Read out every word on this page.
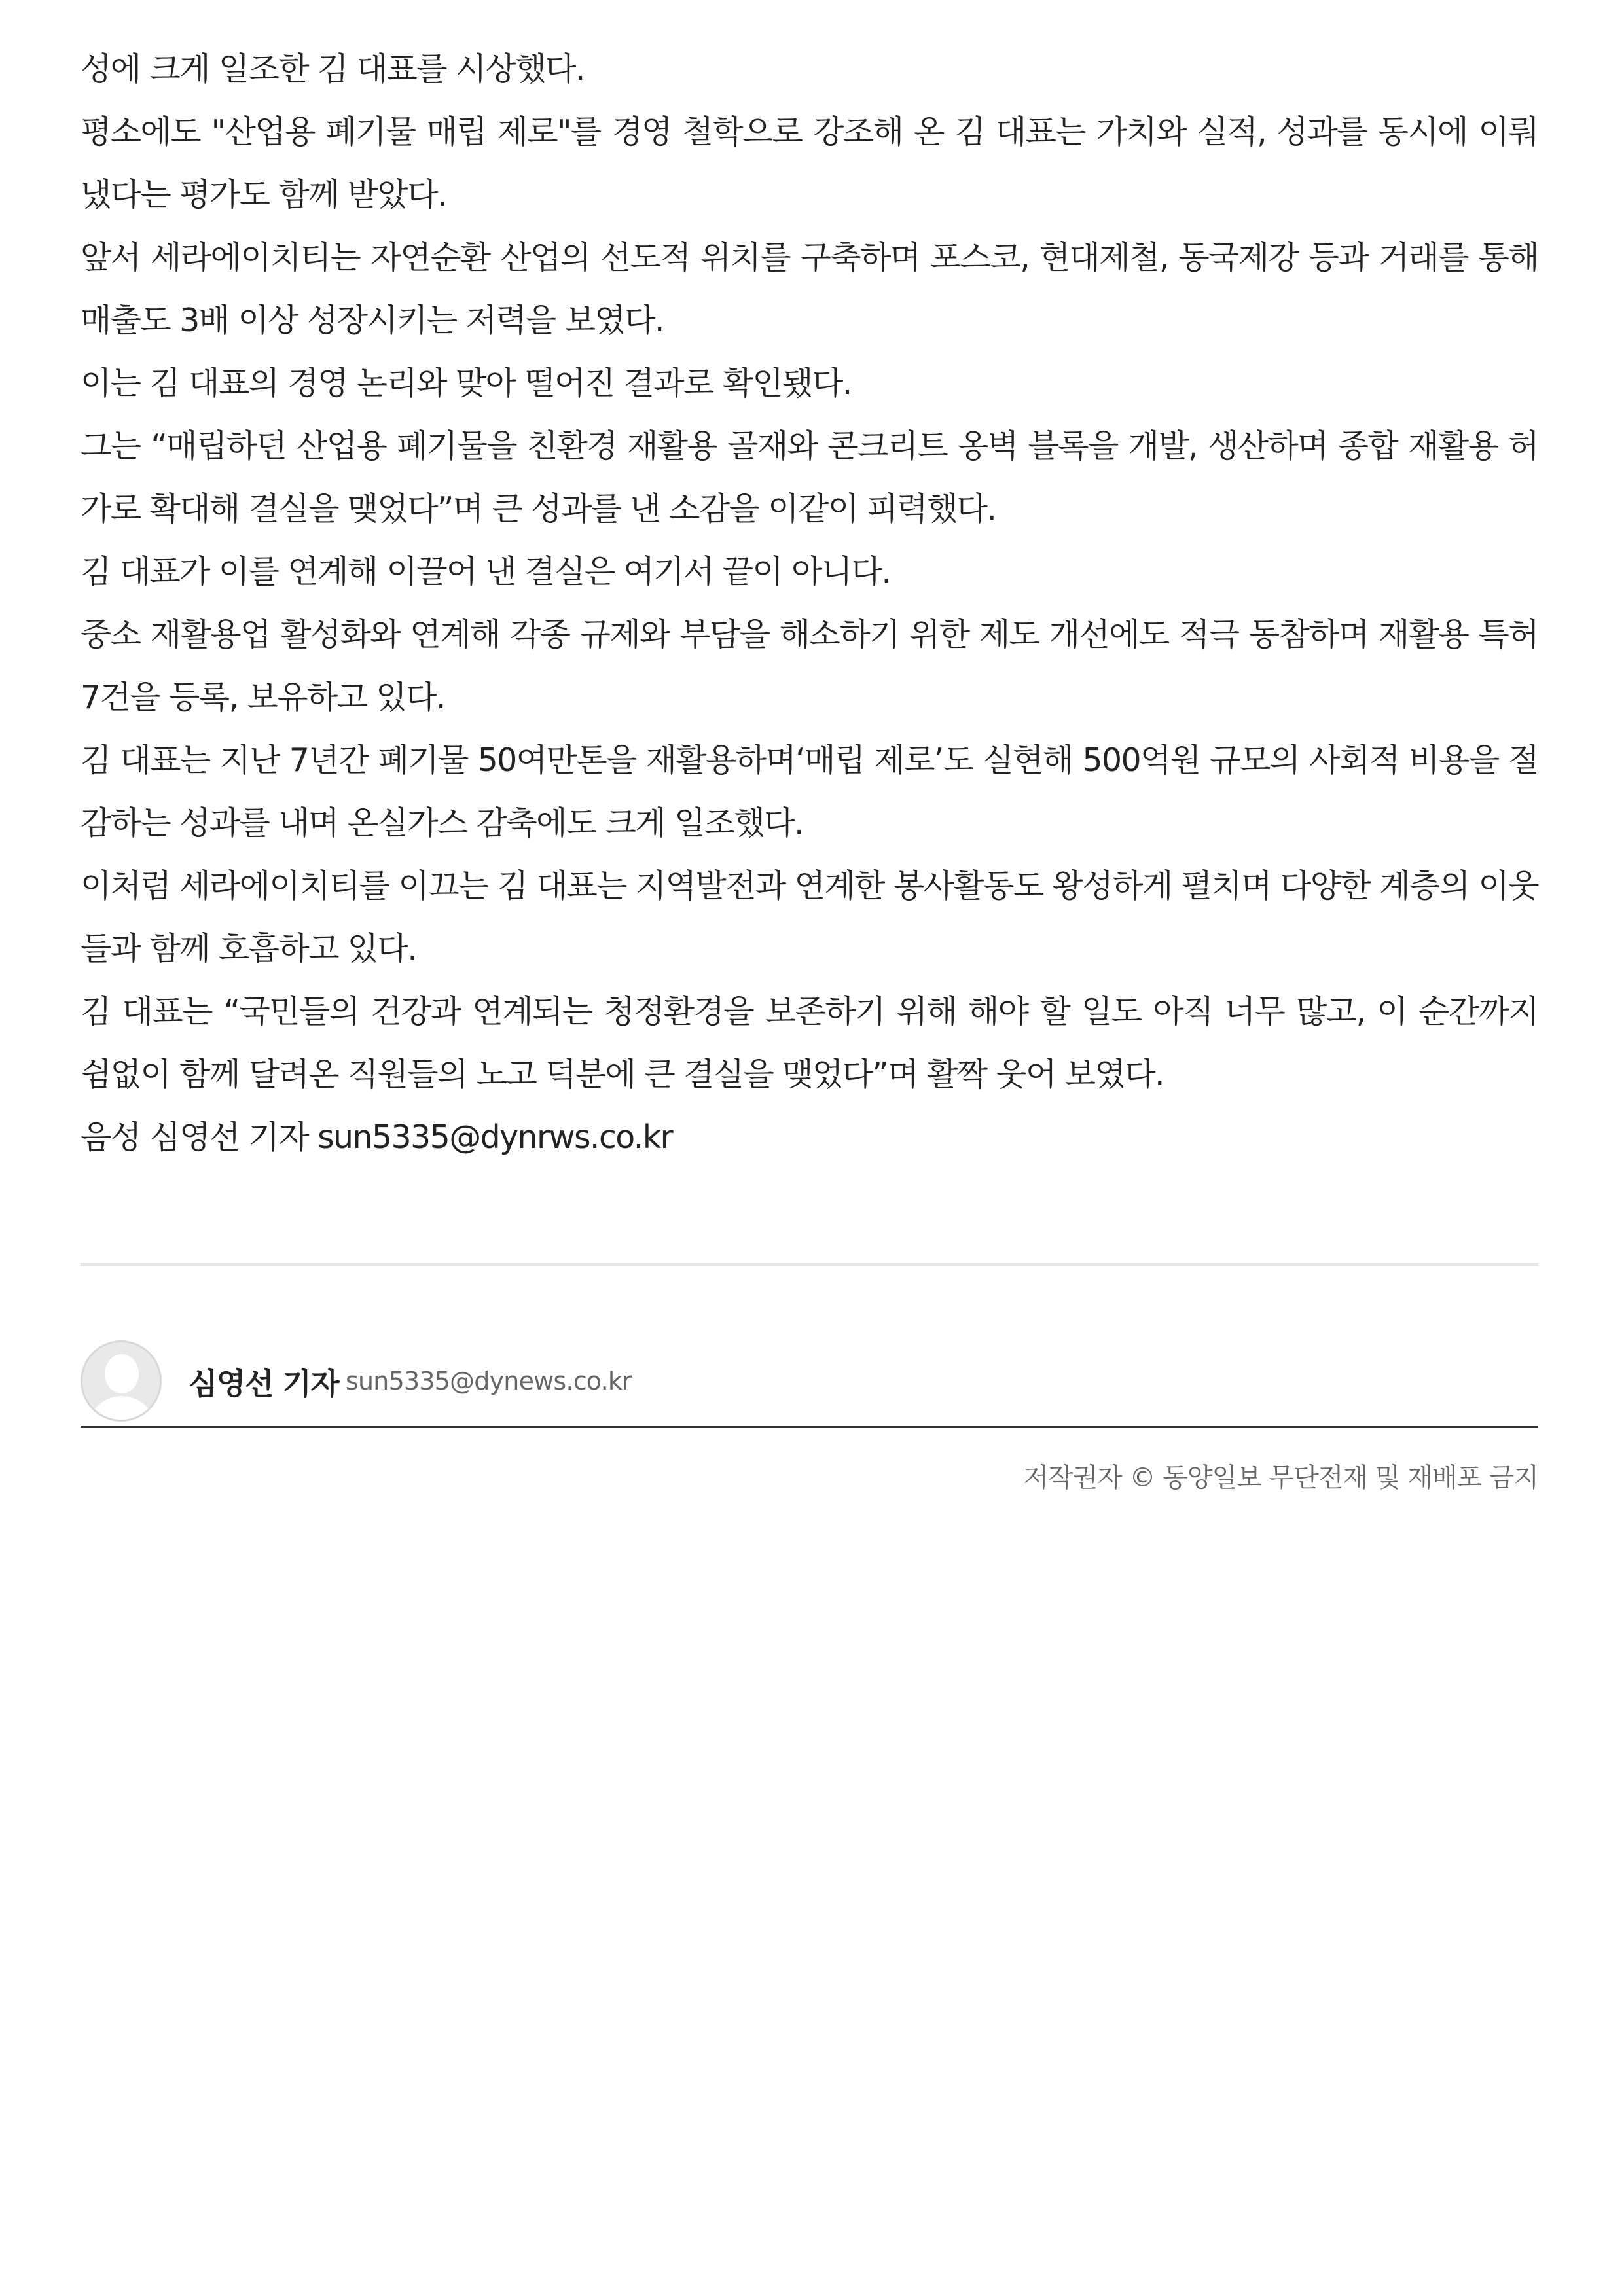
성에 크게 일조한 김 대표를 시상했다.

평소에도 "산업용 폐기물 매립 제로"를 경영 철학으로 강조해 온 김 대표는 가치와 실적, 성과를 동시에 이뤄냈다는 평가도 함께 받았다.

앞서 세라에이치티는 자연순환 산업의 선도적 위치를 구축하며 포스코, 현대제철, 동국제강 등과 거래를 통해 매출도 3배 이상 성장시키는 저력을 보였다.

이는 김 대표의 경영 논리와 맞아 떨어진 결과로 확인됐다.

그는 “매립하던 산업용 폐기물을 친환경 재활용 골재와 콘크리트 옹벽 블록을 개발, 생산하며 종합 재활용 허가로 확대해 결실을 맺었다”며 큰 성과를 낸 소감을 이같이 피력했다.

김 대표가 이를 연계해 이끌어 낸 결실은 여기서 끝이 아니다.

중소 재활용업 활성화와 연계해 각종 규제와 부담을 해소하기 위한 제도 개선에도 적극 동참하며 재활용 특허 7건을 등록, 보유하고 있다.

김 대표는 지난 7년간 폐기물 50여만톤을 재활용하며‘매립 제로’도 실현해 500억원 규모의 사회적 비용을 절감하는 성과를 내며 온실가스 감축에도 크게 일조했다.

이처럼 세라에이치티를 이끄는 김 대표는 지역발전과 연계한 봉사활동도 왕성하게 펼치며 다양한 계층의 이웃들과 함께 호흡하고 있다.

김 대표는 “국민들의 건강과 연계되는 청정환경을 보존하기 위해 해야 할 일도 아직 너무 많고, 이 순간까지 쉼없이 함께 달려온 직원들의 노고 덕분에 큰 결실을 맺었다”며 활짝 웃어 보였다.

음성 심영선 기자 sun5335@dynrws.co.kr

심영선 기자 sun5335@dynews.co.kr
저작권자 © 동양일보 무단전재 및 재배포 금지
